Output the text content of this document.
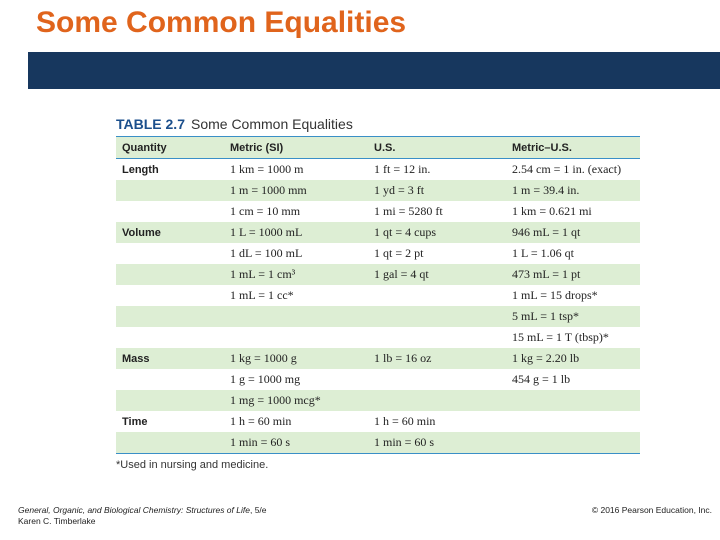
Some Common Equalities
TABLE 2.7 Some Common Equalities
Quantity	Metric (SI)	U.S.	Metric–U.S.
Length	1 km = 1000 m	1 ft = 12 in.	2.54 cm = 1 in. (exact)
	1 m = 1000 mm	1 yd = 3 ft	1 m = 39.4 in.
	1 cm = 10 mm	1 mi = 5280 ft	1 km = 0.621 mi
Volume	1 L = 1000 mL	1 qt = 4 cups	946 mL = 1 qt
	1 dL = 100 mL	1 qt = 2 pt	1 L = 1.06 qt
	1 mL = 1 cm³	1 gal = 4 qt	473 mL = 1 pt
	1 mL = 1 cc*		1 mL = 15 drops*
			5 mL = 1 tsp*
			15 mL = 1 T (tbsp)*
Mass	1 kg = 1000 g	1 lb = 16 oz	1 kg = 2.20 lb
	1 g = 1000 mg		454 g = 1 lb
	1 mg = 1000 mcg*		
Time	1 h = 60 min	1 h = 60 min	
	1 min = 60 s	1 min = 60 s	
*Used in nursing and medicine.
General, Organic, and Biological Chemistry: Structures of Life, 5/e
Karen C. Timberlake
© 2016 Pearson Education, Inc.
